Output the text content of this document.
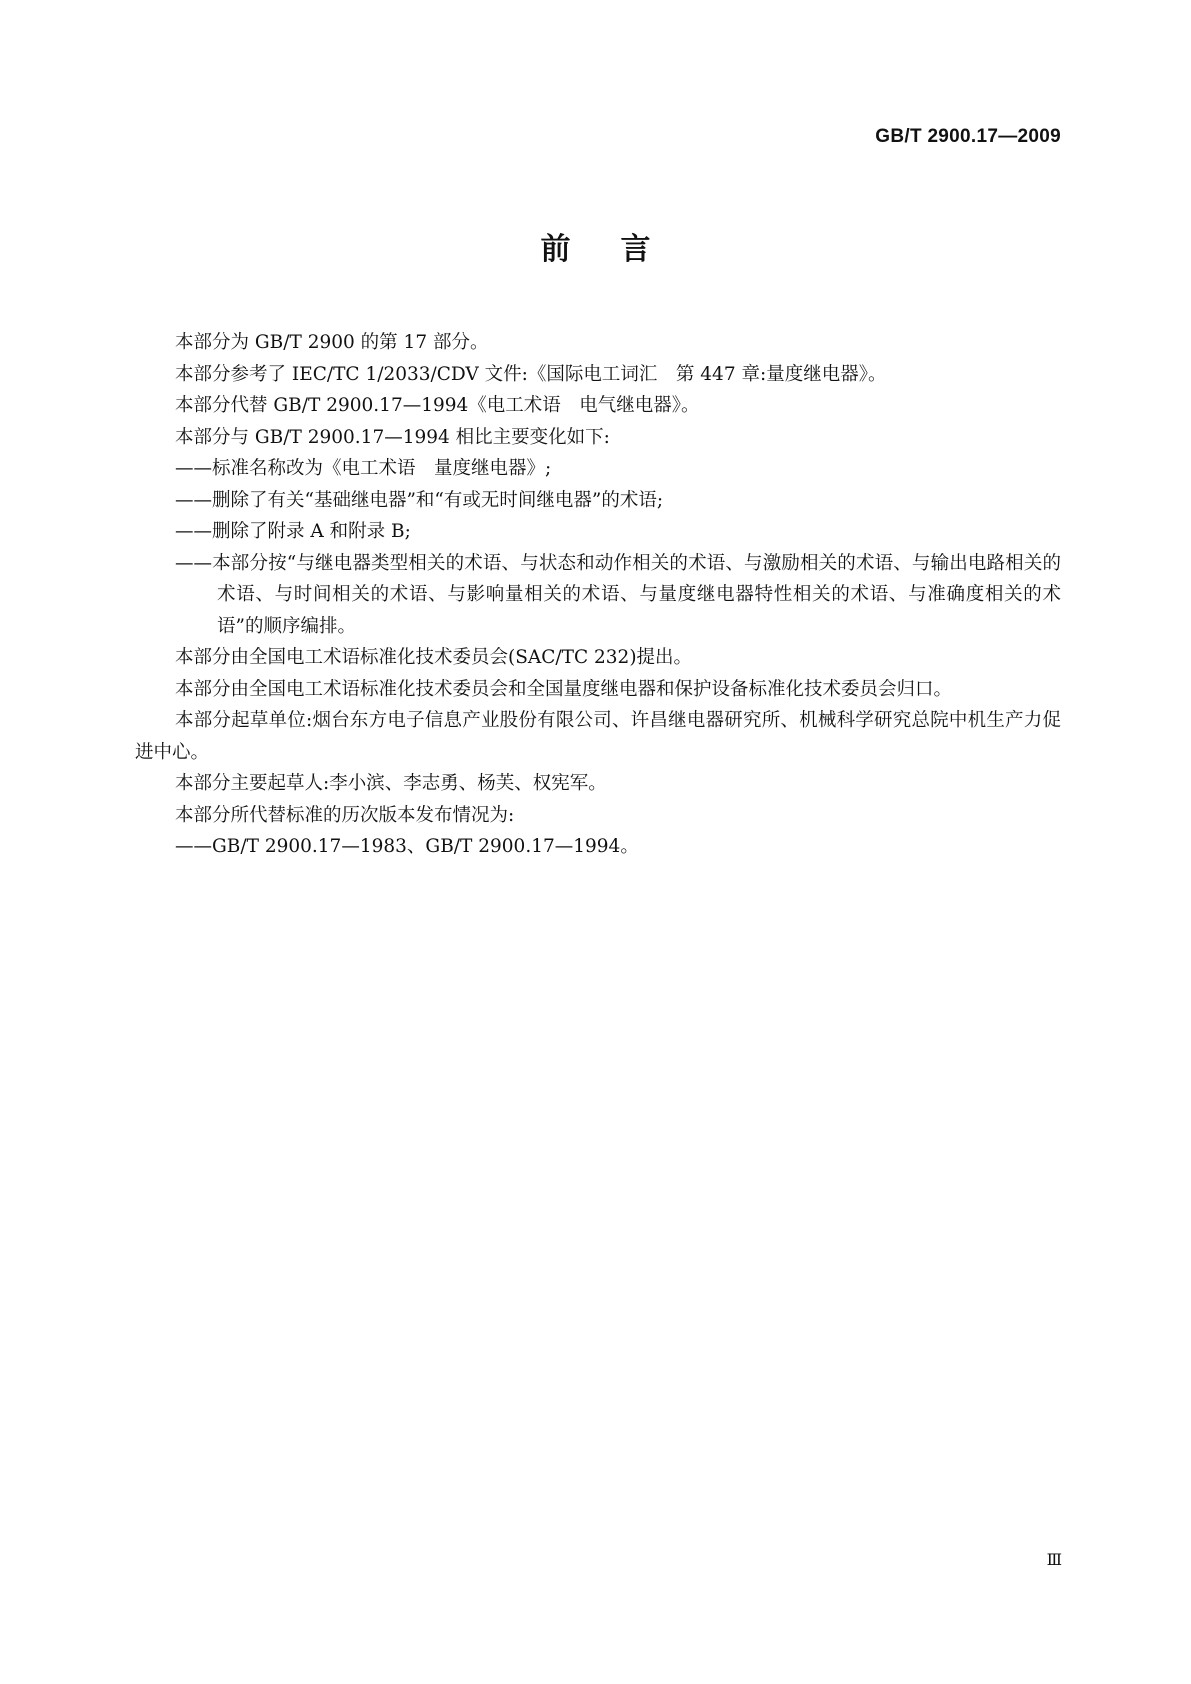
GB/T 2900.17—2009
前言

本部分为 GB/T 2900 的第 17 部分。

本部分参考了 IEC/TC 1/2033/CDV 文件:《国际电工词汇　第 447 章:量度继电器》。

本部分代替 GB/T 2900.17—1994《电工术语　电气继电器》。

本部分与 GB/T 2900.17—1994 相比主要变化如下:

——标准名称改为《电工术语　量度继电器》;

——删除了有关“基础继电器”和“有或无时间继电器”的术语;

——删除了附录 A 和附录 B;

——本部分按“与继电器类型相关的术语、与状态和动作相关的术语、与激励相关的术语、与输出电路相关的术语、与时间相关的术语、与影响量相关的术语、与量度继电器特性相关的术语、与准确度相关的术语”的顺序编排。

本部分由全国电工术语标准化技术委员会(SAC/TC 232)提出。

本部分由全国电工术语标准化技术委员会和全国量度继电器和保护设备标准化技术委员会归口。

本部分起草单位:烟台东方电子信息产业股份有限公司、许昌继电器研究所、机械科学研究总院中机生产力促进中心。

本部分主要起草人:李小滨、李志勇、杨芙、权宪军。

本部分所代替标准的历次版本发布情况为:

——GB/T 2900.17—1983、GB/T 2900.17—1994。

Ⅲ
